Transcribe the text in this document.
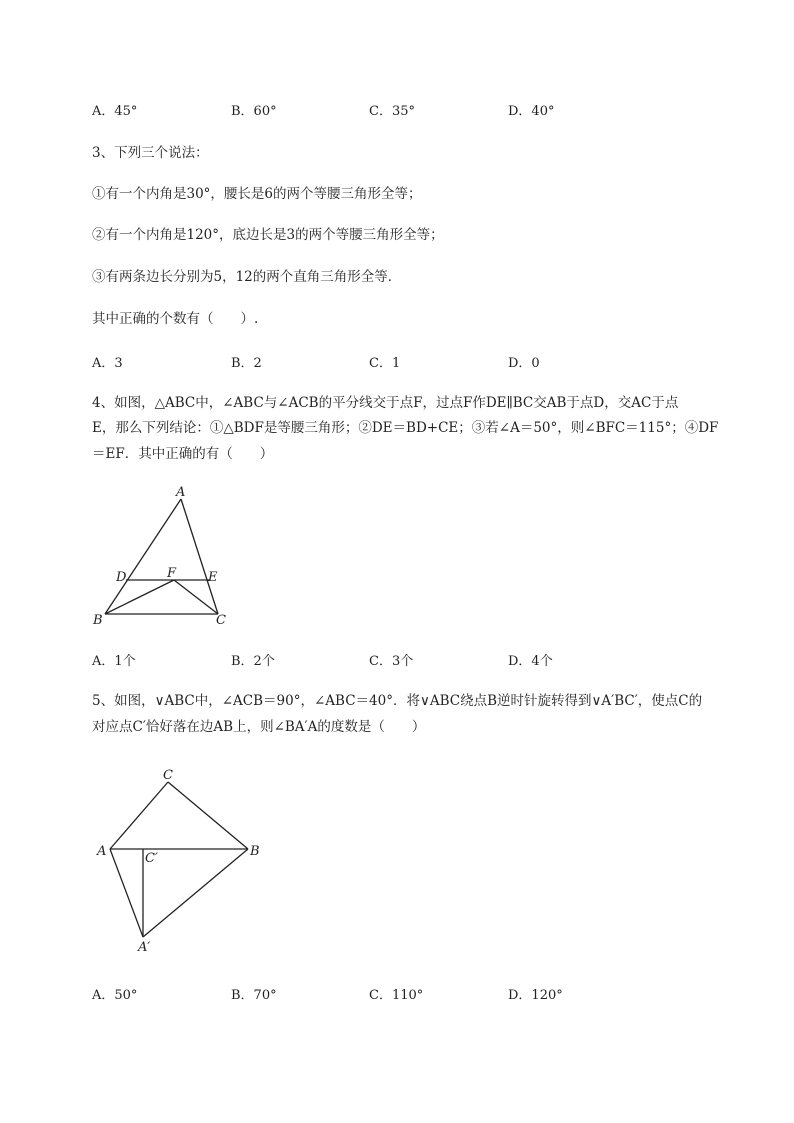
A．45°	B．60°	C．35°	D．40°
3、下列三个说法：
①有一个内角是30°，腰长是6的两个等腰三角形全等；
②有一个内角是120°，底边长是3的两个等腰三角形全等；
③有两条边长分别为5，12的两个直角三角形全等．
其中正确的个数有（　　）.
A．3	B．2	C．1	D．0
4、如图，△ABC中，∠ABC与∠ACB的平分线交于点F，过点F作DE∥BC交AB于点D，交AC于点
E，那么下列结论：①△BDF是等腰三角形；②DE＝BD+CE；③若∠A＝50°，则∠BFC＝115°；④DF
＝EF．其中正确的有（　　）
A
D	F E
B	C
C
A	B
C′
A′
A．1个	B．2个	C．3个	D．4个
5、如图，∨ABC中，∠ACB＝90°，∠ABC＝40°．将∨ABC绕点B逆时针旋转得到∨A′BC′，使点C的
对应点C′恰好落在边AB上，则∠BA′A的度数是（　　）
A．50°	B．70°	C．110°	D．120°
